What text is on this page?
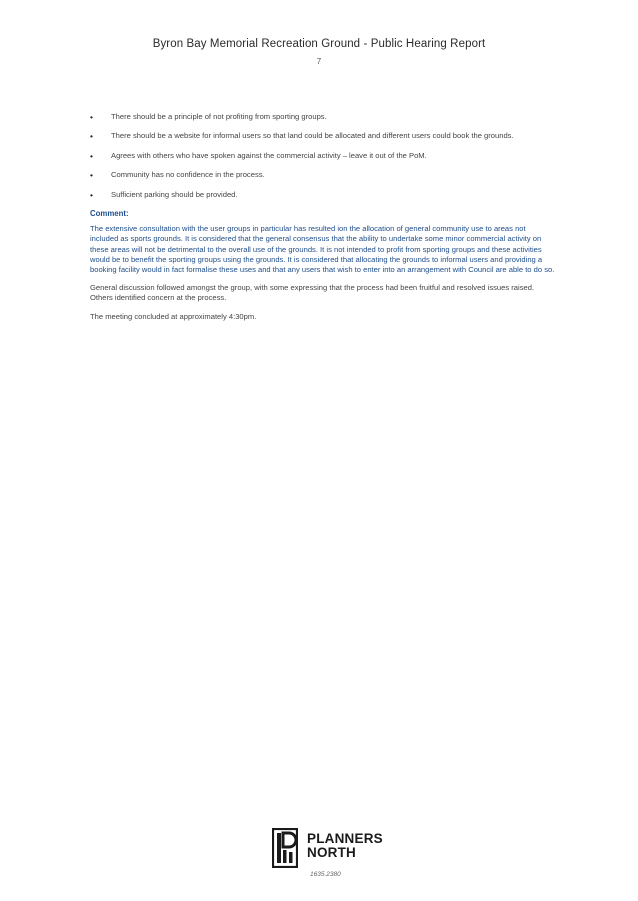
Byron Bay Memorial Recreation Ground - Public Hearing Report
7
• There should be a principle of not profiting from sporting groups.
• There should be a website for informal users so that land could be allocated and different users could book the grounds.
• Agrees with others who have spoken against the commercial activity – leave it out of the PoM.
• Community has no confidence in the process.
• Sufficient parking should be provided.
Comment:

The extensive consultation with the user groups in particular has resulted ion the allocation of general community use to areas not included as sports grounds. It is considered that the general consensus that the ability to undertake some minor commercial activity on these areas will not be detrimental to the overall use of the grounds. It is not intended to profit from sporting groups and these activities would be to benefit the sporting groups using the grounds. It is considered that allocating the grounds to informal users and providing a booking facility would in fact formalise these uses and that any users that wish to enter into an arrangement with Council are able to do so.

General discussion followed amongst the group, with some expressing that the process had been fruitful and resolved issues raised. Others identified concern at the process.

The meeting concluded at approximately 4:30pm.

PLANNERS
NORTH
1635.2380
